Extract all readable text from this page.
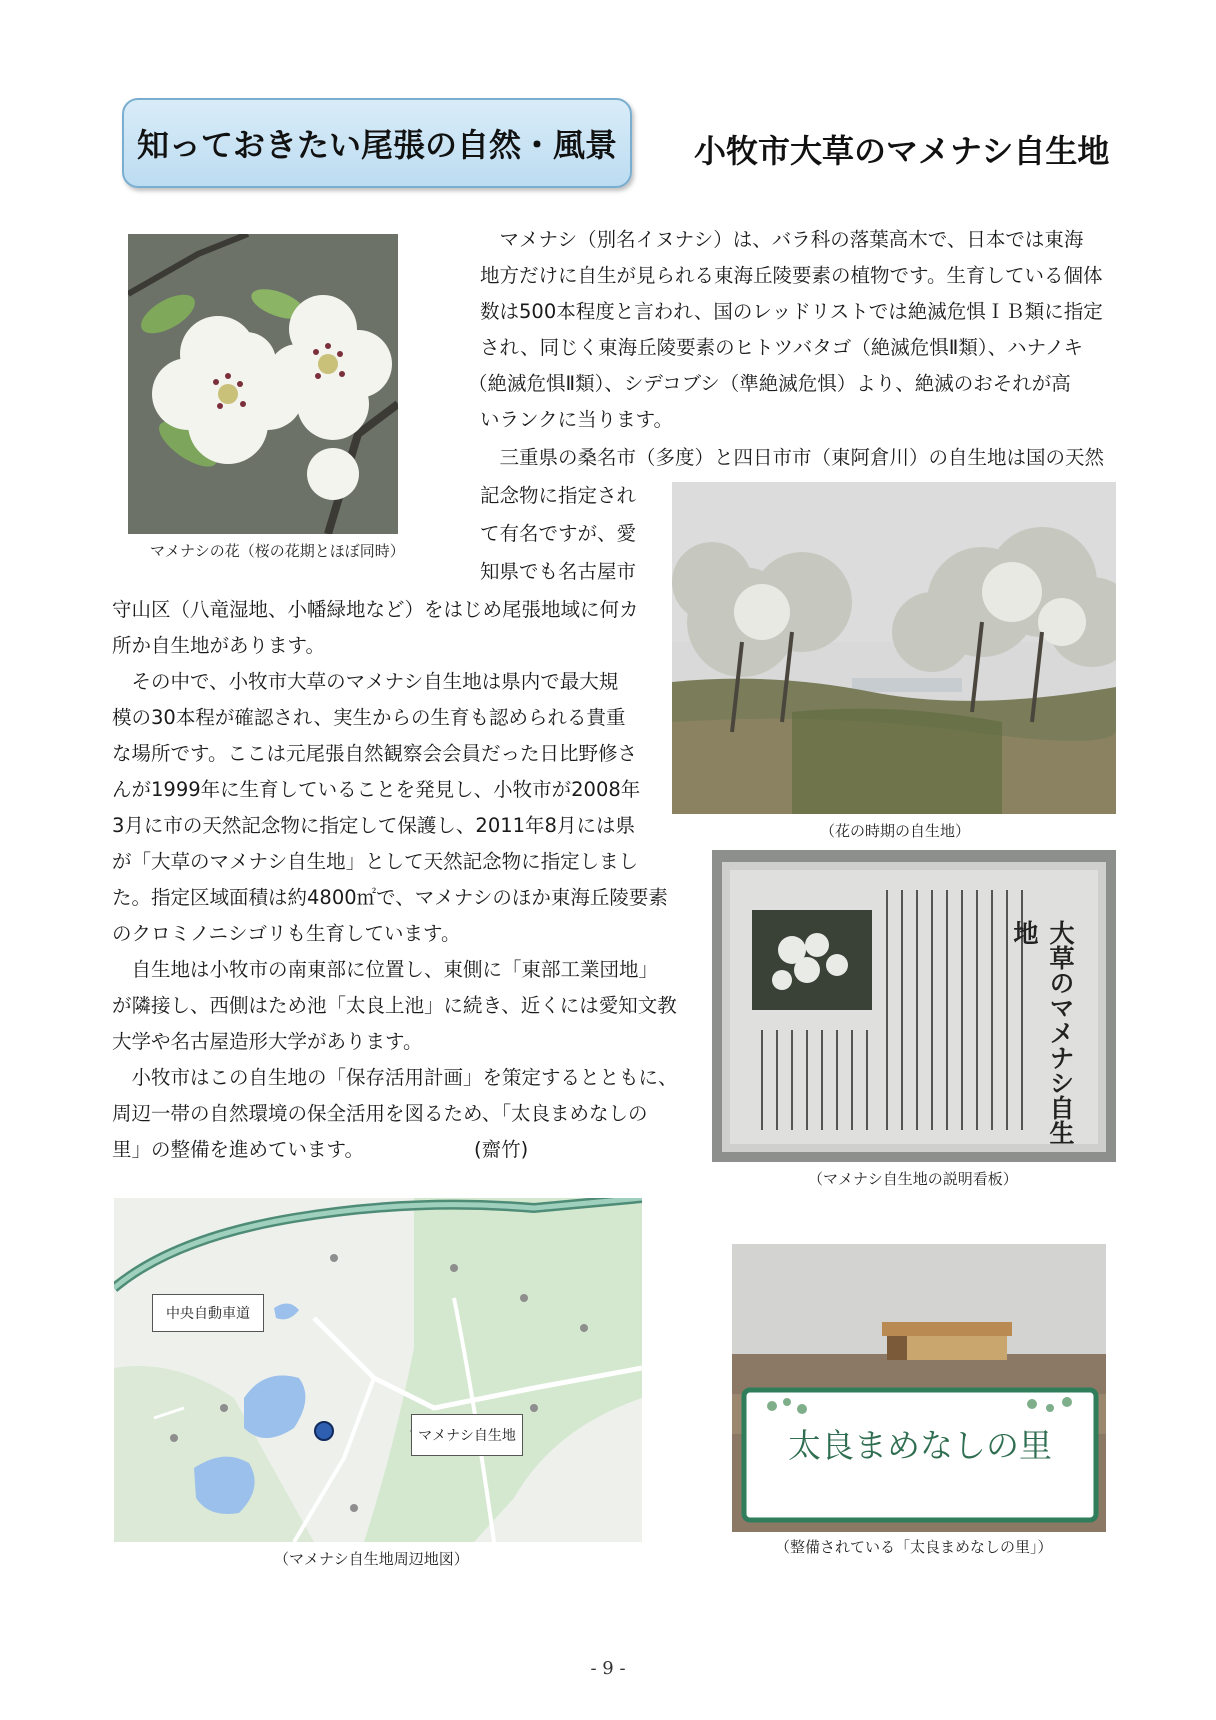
知っておきたい尾張の自然・風景 小牧市大草のマメナシ自生地
マメナシの花（桜の花期とほぼ同時）
　マメナシ（別名イヌナシ）は、バラ科の落葉高木で、日本では東海
地方だけに自生が見られる東海丘陵要素の植物です。生育している個体
数は500本程度と言われ、国のレッドリストでは絶滅危惧ＩＢ類に指定
され、同じく東海丘陵要素のヒトツバタゴ（絶滅危惧Ⅱ類）、ハナノキ
（絶滅危惧Ⅱ類）、シデコブシ（準絶滅危惧）より、絶滅のおそれが高
いランクに当ります。
　三重県の桑名市（多度）と四日市市（東阿倉川）の自生地は国の天然
記念物に指定され
て有名ですが、愛
知県でも名古屋市
守山区（八竜湿地、小幡緑地など）をはじめ尾張地域に何カ
所か自生地があります。
　その中で、小牧市大草のマメナシ自生地は県内で最大規
模の30本程が確認され、実生からの生育も認められる貴重
な場所です。ここは元尾張自然観察会会員だった日比野修さ
んが1999年に生育していることを発見し、小牧市が2008年
3月に市の天然記念物に指定して保護し、2011年8月には県
が「大草のマメナシ自生地」として天然記念物に指定しまし
た。指定区域面積は約4800㎡で、マメナシのほか東海丘陵要素
のクロミノニシゴリも生育しています。
　自生地は小牧市の南東部に位置し、東側に「東部工業団地」
が隣接し、西側はため池「太良上池」に続き、近くには愛知文教
大学や名古屋造形大学があります。
　小牧市はこの自生地の「保存活用計画」を策定するとともに、
周辺一帯の自然環境の保全活用を図るため、「太良まめなしの
里」の整備を進めています。	(齋竹)
（花の時期の自生地）
大草のマメナシ自生地
（マメナシ自生地の説明看板）
中央自動車道
マメナシ自生地
（マメナシ自生地周辺地図）
太良まめなしの里
（整備されている「太良まめなしの里」）
- 9 -
